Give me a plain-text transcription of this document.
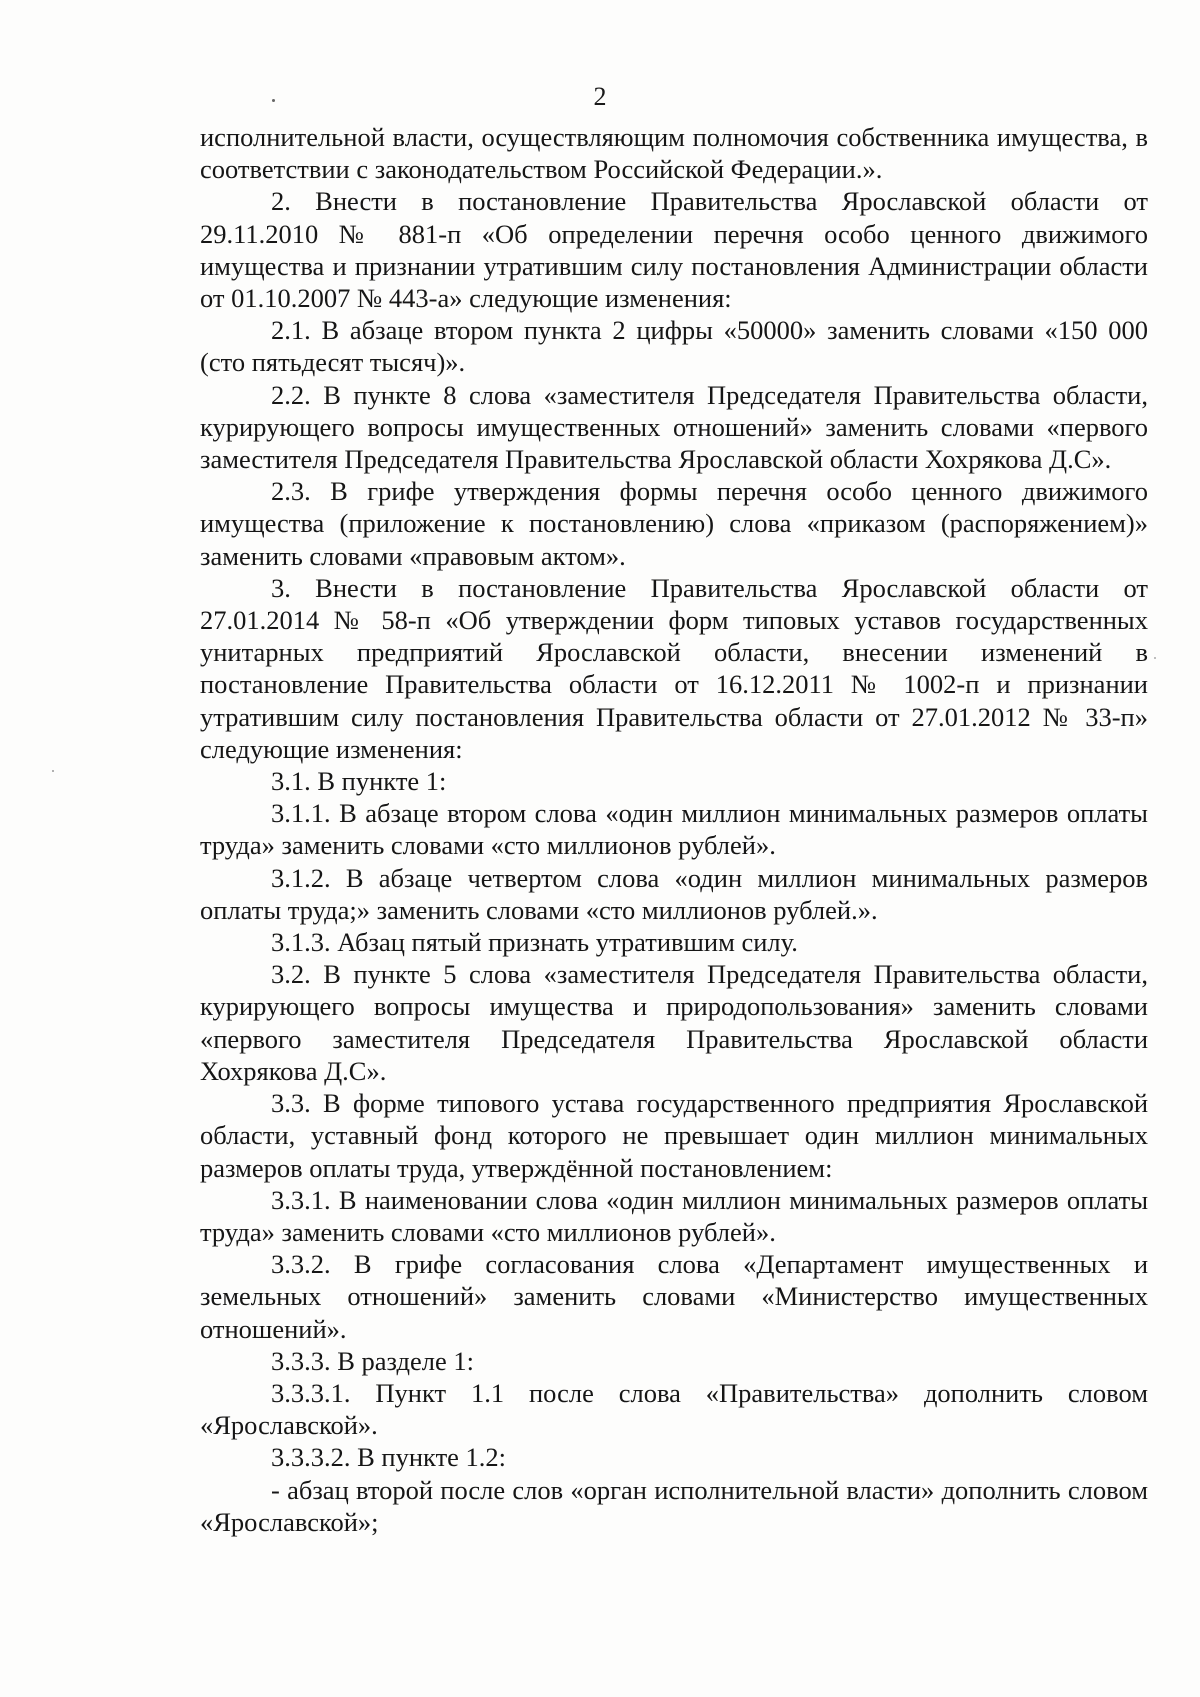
2

исполнительной власти, осуществляющим полномочия собственника имущества, в соответствии с законодательством Российской Федерации.».

2. Внести в постановление Правительства Ярославской области от 29.11.2010 № 881-п «Об определении перечня особо ценного движимого имущества и признании утратившим силу постановления Администрации области от 01.10.2007 № 443-а» следующие изменения:

2.1. В абзаце втором пункта 2 цифры «50000» заменить словами «150 000 (сто пятьдесят тысяч)».

2.2. В пункте 8 слова «заместителя Председателя Правительства области, курирующего вопросы имущественных отношений» заменить словами «первого заместителя Председателя Правительства Ярославской области Хохрякова Д.С».

2.3. В грифе утверждения формы перечня особо ценного движимого имущества (приложение к постановлению) слова «приказом (распоряжением)» заменить словами «правовым актом».

3. Внести в постановление Правительства Ярославской области от 27.01.2014 № 58-п «Об утверждении форм типовых уставов государственных унитарных предприятий Ярославской области, внесении изменений в постановление Правительства области от 16.12.2011 № 1002-п и признании утратившим силу постановления Правительства области от 27.01.2012 № 33-п» следующие изменения:

3.1. В пункте 1:

3.1.1. В абзаце втором слова «один миллион минимальных размеров оплаты труда» заменить словами «сто миллионов рублей».

3.1.2. В абзаце четвертом слова «один миллион минимальных размеров оплаты труда;» заменить словами «сто миллионов рублей.».

3.1.3. Абзац пятый признать утратившим силу.

3.2. В пункте 5 слова «заместителя Председателя Правительства области, курирующего вопросы имущества и природопользования» заменить словами «первого заместителя Председателя Правительства Ярославской области Хохрякова Д.С».

3.3. В форме типового устава государственного предприятия Ярославской области, уставный фонд которого не превышает один миллион минимальных размеров оплаты труда, утверждённой постановлением:

3.3.1. В наименовании слова «один миллион минимальных размеров оплаты труда» заменить словами «сто миллионов рублей».

3.3.2. В грифе согласования слова «Департамент имущественных и земельных отношений» заменить словами «Министерство имущественных отношений».

3.3.3. В разделе 1:

3.3.3.1. Пункт 1.1 после слова «Правительства» дополнить словом «Ярославской».

3.3.3.2. В пункте 1.2:

- абзац второй после слов «орган исполнительной власти» дополнить словом «Ярославской»;
